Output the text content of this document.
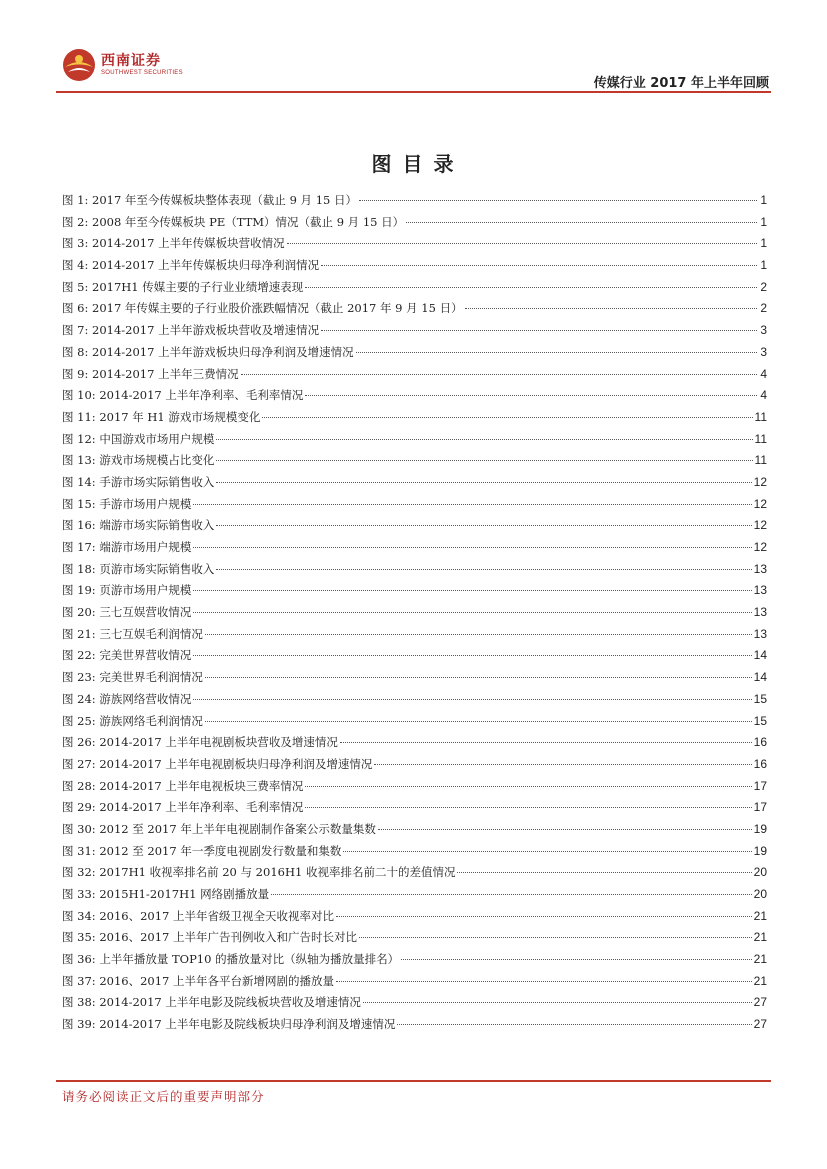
西南证券
SOUTHWEST SECURITIES
传媒行业 2017 年上半年回顾
图 目 录
图 1: 2017 年至今传媒板块整体表现（截止 9 月 15 日）	1
图 2: 2008 年至今传媒板块 PE（TTM）情况（截止 9 月 15 日）	1
图 3: 2014-2017 上半年传媒板块营收情况	1
图 4: 2014-2017 上半年传媒板块归母净利润情况	1
图 5: 2017H1 传媒主要的子行业业绩增速表现	2
图 6: 2017 年传媒主要的子行业股价涨跌幅情况（截止 2017 年 9 月 15 日）	2
图 7: 2014-2017 上半年游戏板块营收及增速情况	3
图 8: 2014-2017 上半年游戏板块归母净利润及增速情况	3
图 9: 2014-2017 上半年三费情况	4
图 10: 2014-2017 上半年净利率、毛利率情况	4
图 11: 2017 年 H1 游戏市场规模变化	11
图 12: 中国游戏市场用户规模	11
图 13: 游戏市场规模占比变化	11
图 14: 手游市场实际销售收入	12
图 15: 手游市场用户规模	12
图 16: 端游市场实际销售收入	12
图 17: 端游市场用户规模	12
图 18: 页游市场实际销售收入	13
图 19: 页游市场用户规模	13
图 20: 三七互娱营收情况	13
图 21: 三七互娱毛利润情况	13
图 22: 完美世界营收情况	14
图 23: 完美世界毛利润情况	14
图 24: 游族网络营收情况	15
图 25: 游族网络毛利润情况	15
图 26: 2014-2017 上半年电视剧板块营收及增速情况	16
图 27: 2014-2017 上半年电视剧板块归母净利润及增速情况	16
图 28: 2014-2017 上半年电视板块三费率情况	17
图 29: 2014-2017 上半年净利率、毛利率情况	17
图 30: 2012 至 2017 年上半年电视剧制作备案公示数量集数	19
图 31: 2012 至 2017 年一季度电视剧发行数量和集数	19
图 32: 2017H1 收视率排名前 20 与 2016H1 收视率排名前二十的差值情况	20
图 33: 2015H1-2017H1 网络剧播放量	20
图 34: 2016、2017 上半年省级卫视全天收视率对比	21
图 35: 2016、2017 上半年广告刊例收入和广告时长对比	21
图 36: 上半年播放量 TOP10 的播放量对比（纵轴为播放量排名）	21
图 37: 2016、2017 上半年各平台新增网剧的播放量	21
图 38: 2014-2017 上半年电影及院线板块营收及增速情况	27
图 39: 2014-2017 上半年电影及院线板块归母净利润及增速情况	27
请务必阅读正文后的重要声明部分
